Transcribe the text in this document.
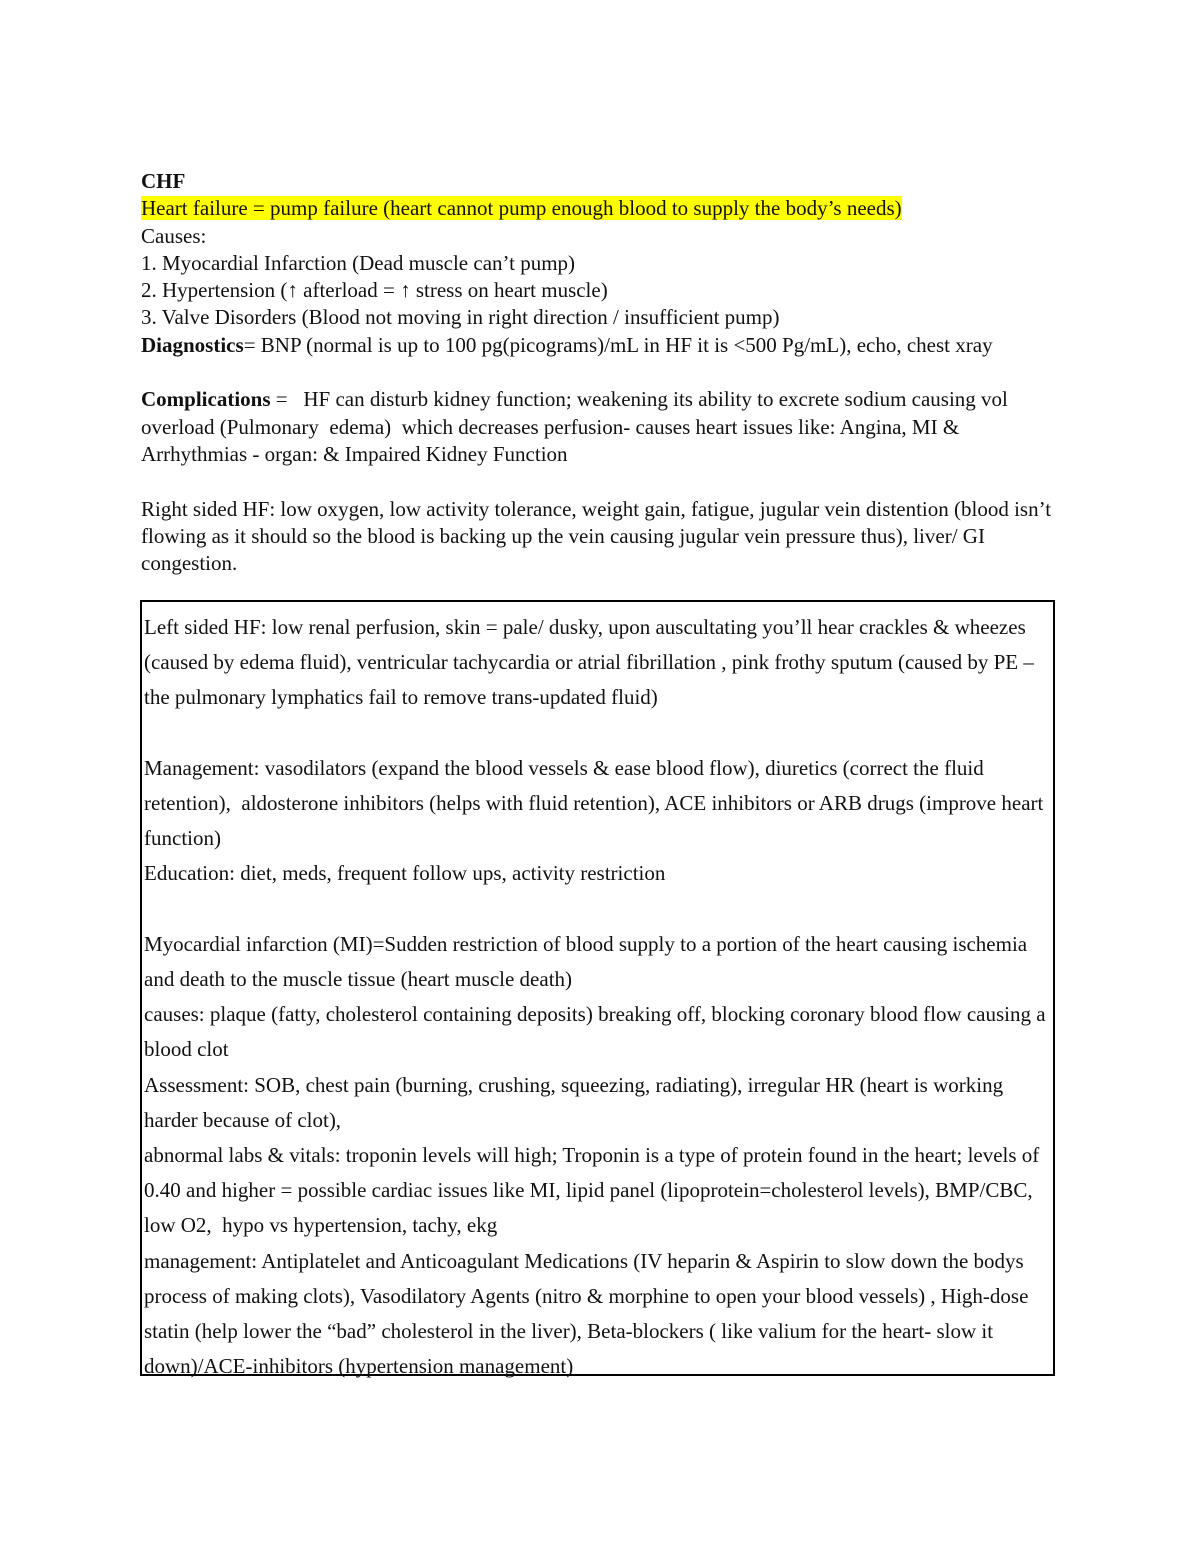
CHF

Heart failure = pump failure (heart cannot pump enough blood to supply the body’s needs)

Causes:

1. Myocardial Infarction (Dead muscle can’t pump)

2. Hypertension (↑ afterload = ↑ stress on heart muscle)

3. Valve Disorders (Blood not moving in right direction / insufficient pump)

Diagnostics= BNP (normal is up to 100 pg(picograms)/mL in HF it is <500 Pg/mL), echo, chest xray

Complications =   HF can disturb kidney function; weakening its ability to excrete sodium causing vol overload (Pulmonary  edema)  which decreases perfusion- causes heart issues like: Angina, MI & Arrhythmias - organ: & Impaired Kidney Function

Right sided HF: low oxygen, low activity tolerance, weight gain, fatigue, jugular vein distention (blood isn’t flowing as it should so the blood is backing up the vein causing jugular vein pressure thus), liver/ GI congestion.

Left sided HF: low renal perfusion, skin = pale/ dusky, upon auscultating you’ll hear crackles & wheezes (caused by edema fluid), ventricular tachycardia or atrial fibrillation , pink frothy sputum (caused by PE – the pulmonary lymphatics fail to remove trans-updated fluid)

Management: vasodilators (expand the blood vessels & ease blood flow), diuretics (correct the fluid retention),  aldosterone inhibitors (helps with fluid retention), ACE inhibitors or ARB drugs (improve heart function)

Education: diet, meds, frequent follow ups, activity restriction

Myocardial infarction (MI)=Sudden restriction of blood supply to a portion of the heart causing ischemia and death to the muscle tissue (heart muscle death)

causes: plaque (fatty, cholesterol containing deposits) breaking off, blocking coronary blood flow causing a blood clot

Assessment: SOB, chest pain (burning, crushing, squeezing, radiating), irregular HR (heart is working harder because of clot),

abnormal labs & vitals: troponin levels will high; Troponin is a type of protein found in the heart; levels of 0.40 and higher = possible cardiac issues like MI, lipid panel (lipoprotein=cholesterol levels), BMP/CBC, low O2,  hypo vs hypertension, tachy, ekg

management: Antiplatelet and Anticoagulant Medications (IV heparin & Aspirin to slow down the bodys process of making clots), Vasodilatory Agents (nitro & morphine to open your blood vessels) , High-dose statin (help lower the “bad” cholesterol in the liver), Beta-blockers ( like valium for the heart- slow it down)/ACE-inhibitors (hypertension management)
